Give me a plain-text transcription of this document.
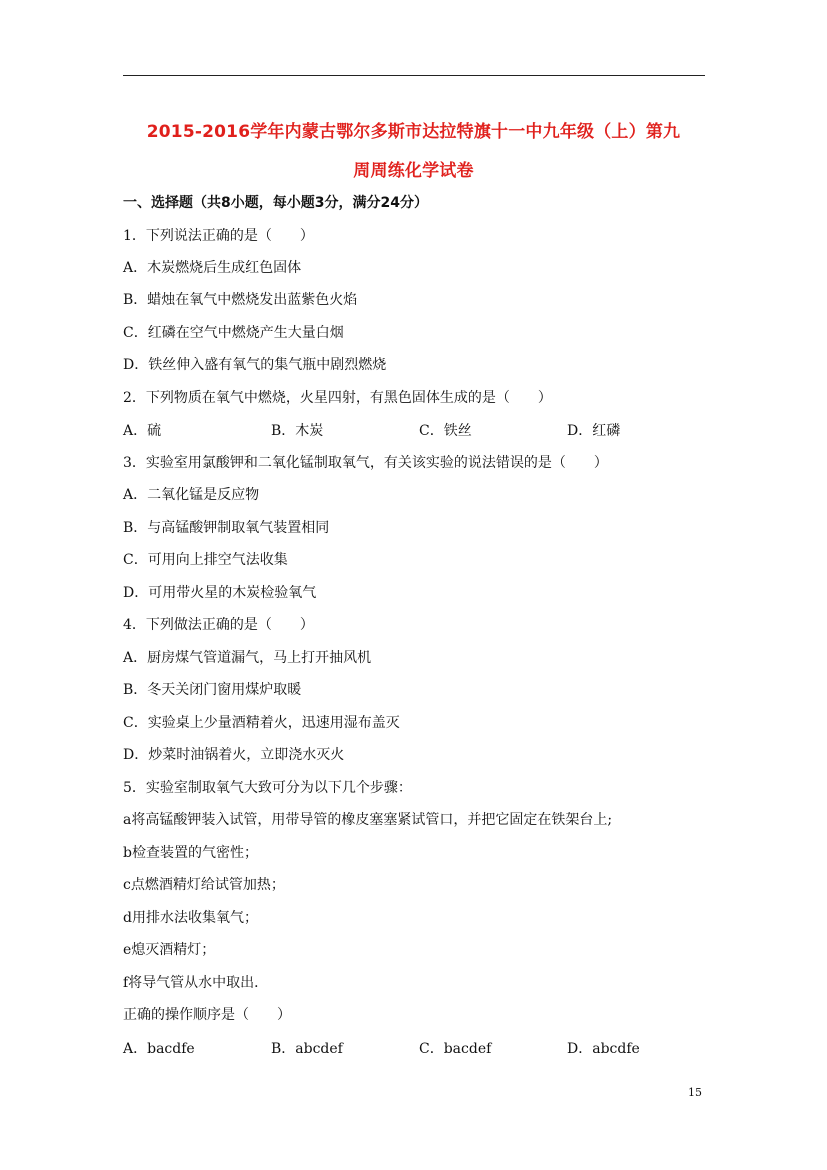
2015-2016学年内蒙古鄂尔多斯市达拉特旗十一中九年级（上）第九
周周练化学试卷
一、选择题（共8小题，每小题3分，满分24分）
1．下列说法正确的是（　　）
A．木炭燃烧后生成红色固体
B．蜡烛在氧气中燃烧发出蓝紫色火焰
C．红磷在空气中燃烧产生大量白烟
D．铁丝伸入盛有氧气的集气瓶中剧烈燃烧
2．下列物质在氧气中燃烧，火星四射，有黑色固体生成的是（　　）
A．硫	B．木炭	C．铁丝	D．红磷
3．实验室用氯酸钾和二氧化锰制取氧气，有关该实验的说法错误的是（　　）
A．二氧化锰是反应物
B．与高锰酸钾制取氧气装置相同
C．可用向上排空气法收集
D．可用带火星的木炭检验氧气
4．下列做法正确的是（　　）
A．厨房煤气管道漏气，马上打开抽风机
B．冬天关闭门窗用煤炉取暖
C．实验桌上少量酒精着火，迅速用湿布盖灭
D．炒菜时油锅着火，立即浇水灭火
5．实验室制取氧气大致可分为以下几个步骤：
a将高锰酸钾装入试管，用带导管的橡皮塞塞紧试管口，并把它固定在铁架台上;
b检查装置的气密性；
c点燃酒精灯给试管加热；
d用排水法收集氧气；
e熄灭酒精灯；
f将导气管从水中取出．
正确的操作顺序是（　　）
A．bacdfe	B．abcdef	C．bacdef	D．abcdfe
15
